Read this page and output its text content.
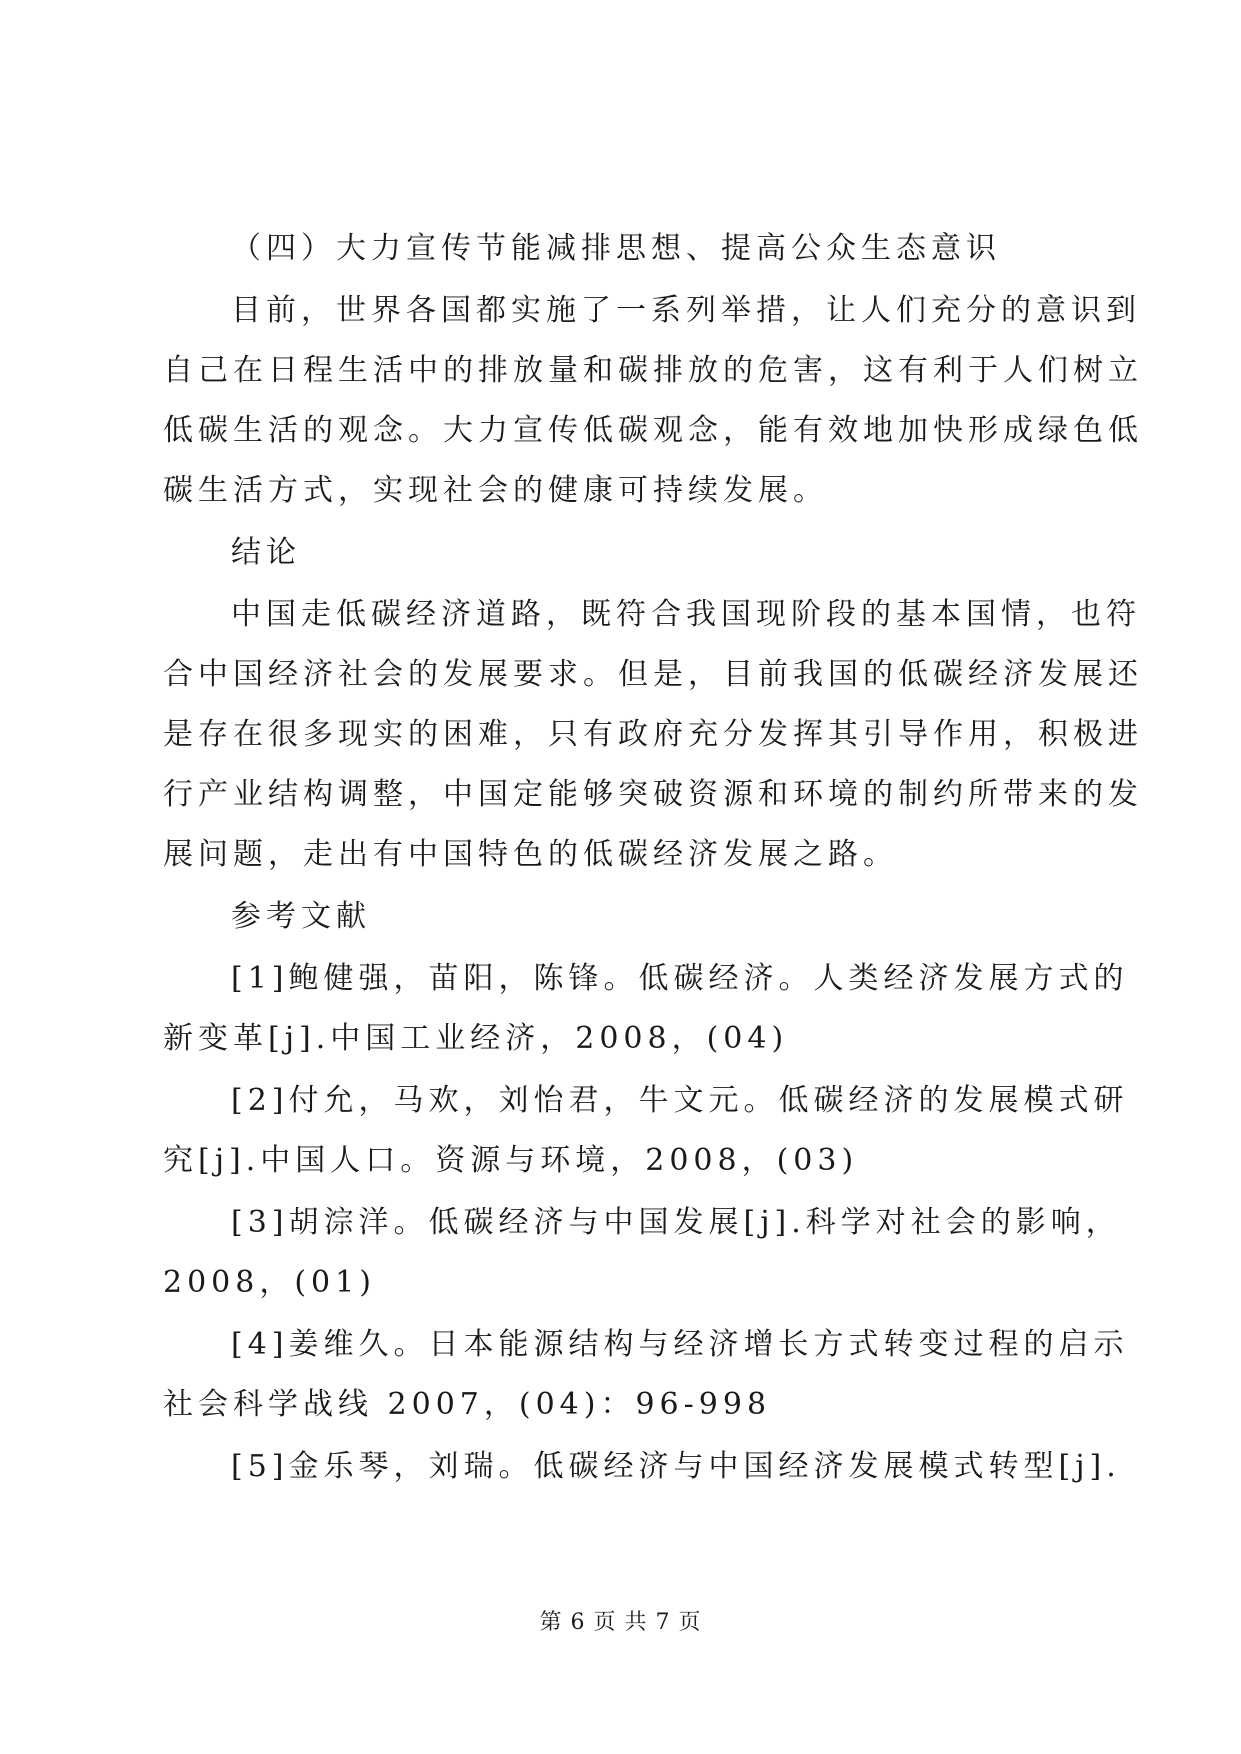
（四）大力宣传节能减排思想、提高公众生态意识
目前，世界各国都实施了一系列举措，让人们充分的意识到
自己在日程生活中的排放量和碳排放的危害，这有利于人们树立
低碳生活的观念。大力宣传低碳观念，能有效地加快形成绿色低
碳生活方式，实现社会的健康可持续发展。
结论
中国走低碳经济道路，既符合我国现阶段的基本国情，也符
合中国经济社会的发展要求。但是，目前我国的低碳经济发展还
是存在很多现实的困难，只有政府充分发挥其引导作用，积极进
行产业结构调整，中国定能够突破资源和环境的制约所带来的发
展问题，走出有中国特色的低碳经济发展之路。
参考文献
[1]鲍健强，苗阳，陈锋。低碳经济。人类经济发展方式的
新变革[j].中国工业经济，2008，(04)
[2]付允，马欢，刘怡君，牛文元。低碳经济的发展模式研
究[j].中国人口。资源与环境，2008，(03)
[3]胡淙洋。低碳经济与中国发展[j].科学对社会的影响，
2008，(01)
[4]姜维久。日本能源结构与经济增长方式转变过程的启示
社会科学战线 2007，(04)：96-998
[5]金乐琴，刘瑞。低碳经济与中国经济发展模式转型[j].
第 6 页 共 7 页
